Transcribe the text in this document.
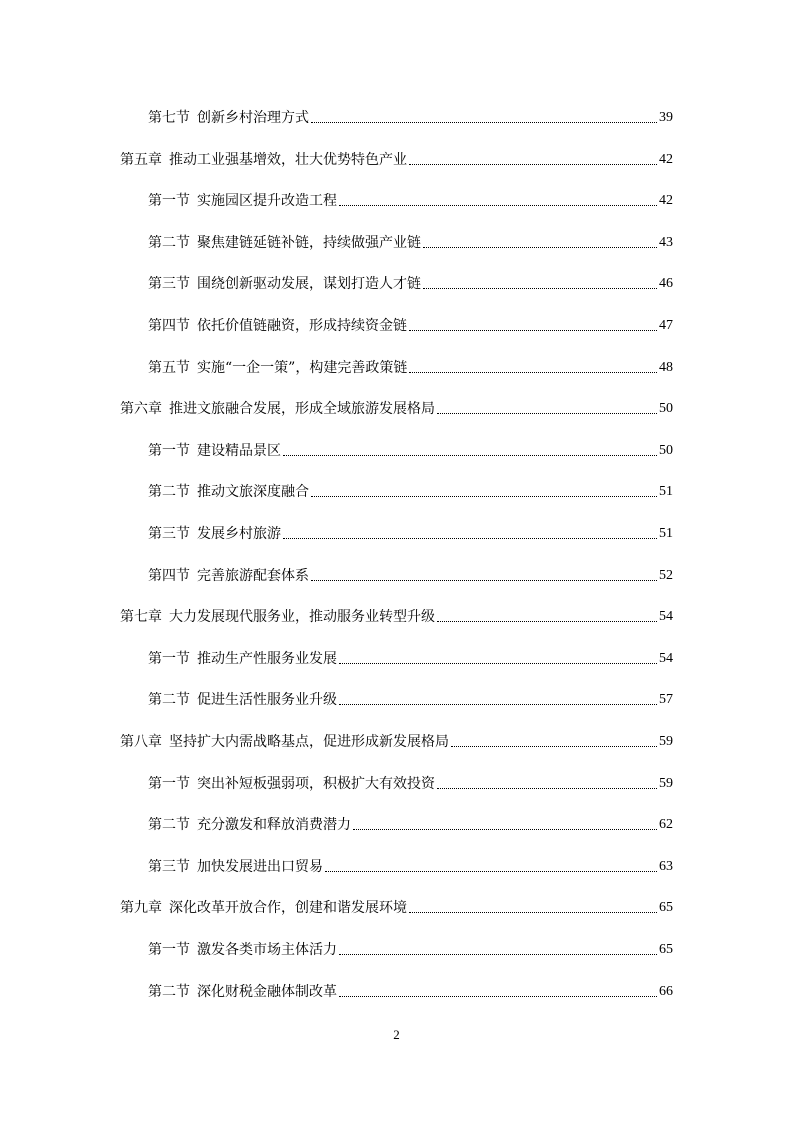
第七节 创新乡村治理方式	39
第五章 推动工业强基增效，壮大优势特色产业	42
第一节 实施园区提升改造工程	42
第二节 聚焦建链延链补链，持续做强产业链	43
第三节 围绕创新驱动发展，谋划打造人才链	46
第四节 依托价值链融资，形成持续资金链	47
第五节 实施“一企一策”，构建完善政策链	48
第六章 推进文旅融合发展，形成全域旅游发展格局	50
第一节 建设精品景区	50
第二节 推动文旅深度融合	51
第三节 发展乡村旅游	51
第四节 完善旅游配套体系	52
第七章 大力发展现代服务业，推动服务业转型升级	54
第一节 推动生产性服务业发展	54
第二节 促进生活性服务业升级	57
第八章 坚持扩大内需战略基点，促进形成新发展格局	59
第一节 突出补短板强弱项，积极扩大有效投资	59
第二节 充分激发和释放消费潜力	62
第三节 加快发展进出口贸易	63
第九章 深化改革开放合作，创建和谐发展环境	65
第一节 激发各类市场主体活力	65
第二节 深化财税金融体制改革	66
2
